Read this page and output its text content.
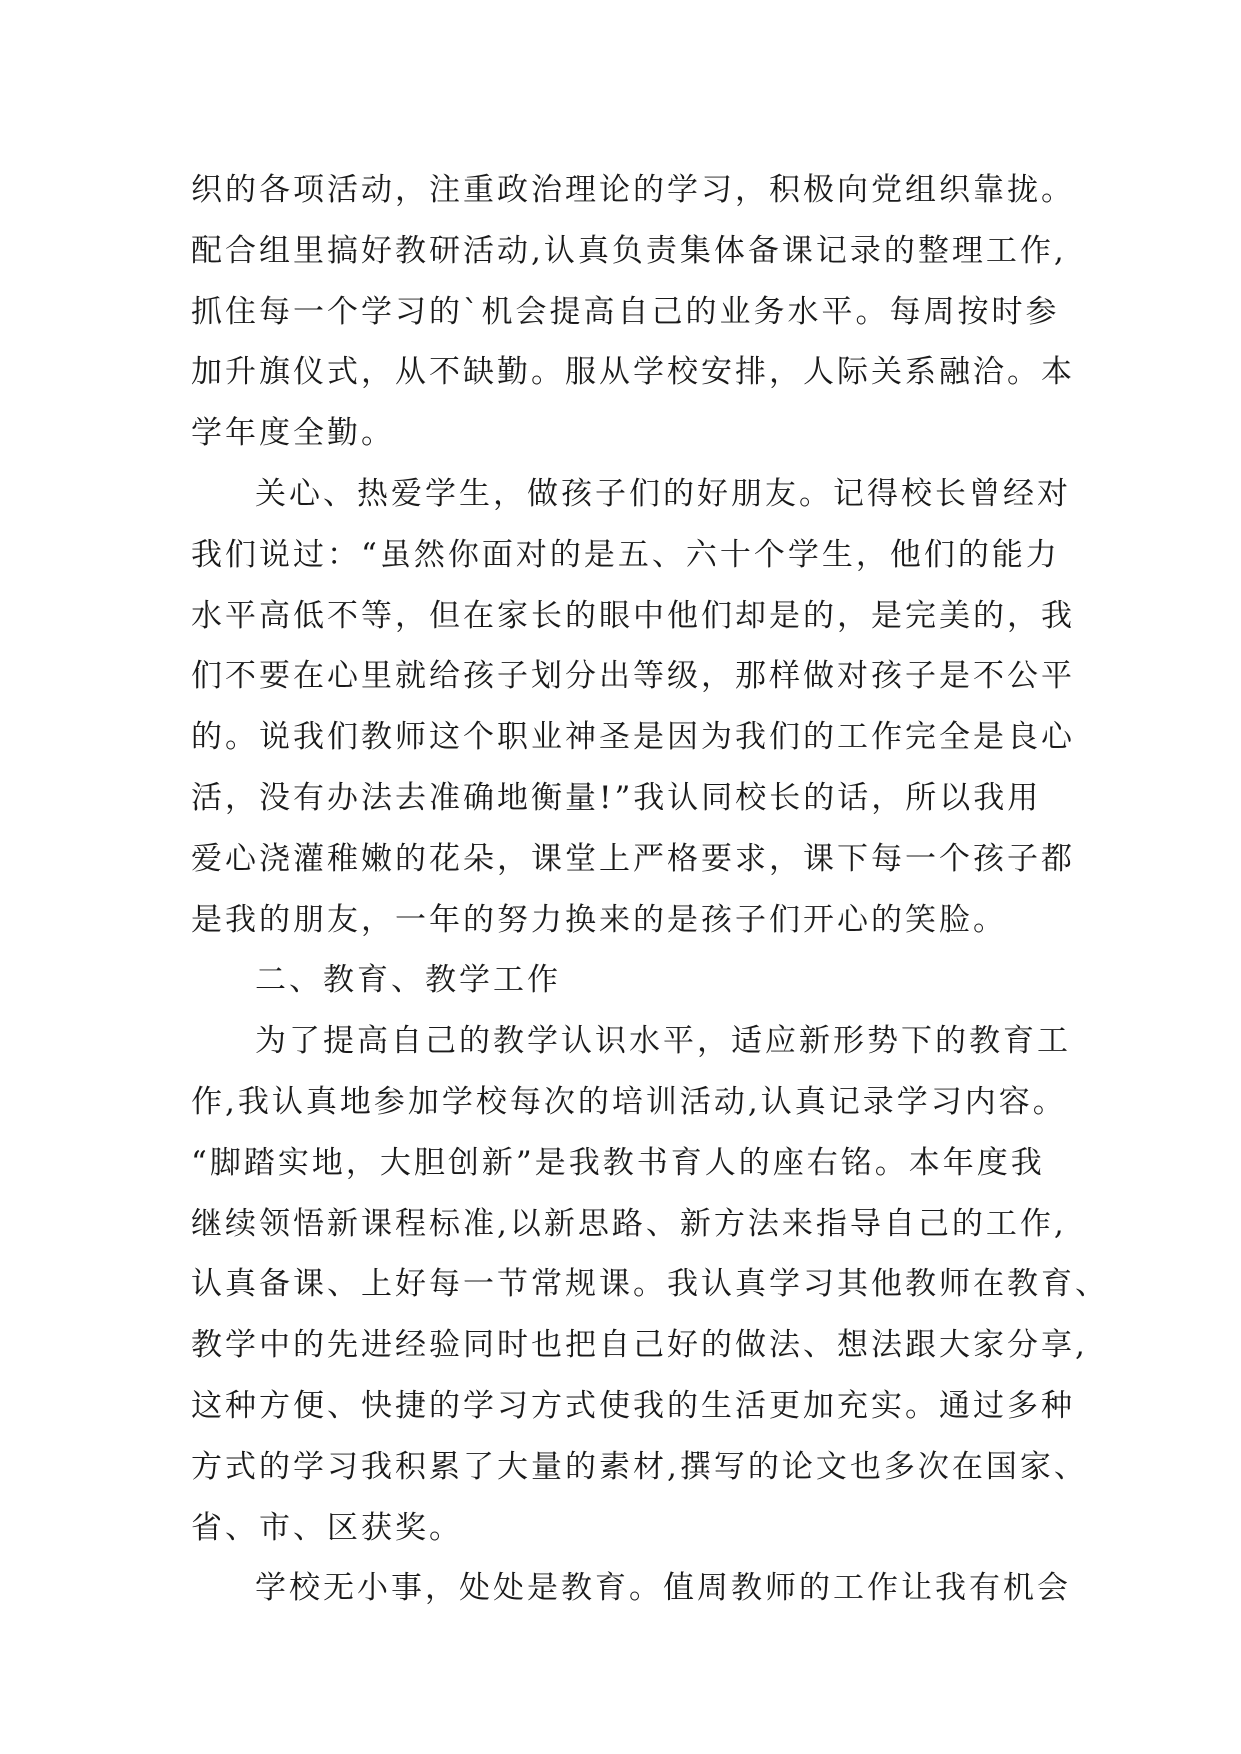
织的各项活动，注重政治理论的学习，积极向党组织靠拢。
配合组里搞好教研活动,认真负责集体备课记录的整理工作,
抓住每一个学习的`机会提高自己的业务水平。每周按时参
加升旗仪式，从不缺勤。服从学校安排，人际关系融洽。本
学年度全勤。
关心、热爱学生，做孩子们的好朋友。记得校长曾经对
我们说过：“虽然你面对的是五、六十个学生，他们的能力
水平高低不等，但在家长的眼中他们却是的，是完美的，我
们不要在心里就给孩子划分出等级，那样做对孩子是不公平
的。说我们教师这个职业神圣是因为我们的工作完全是良心
活，没有办法去准确地衡量!”我认同校长的话，所以我用
爱心浇灌稚嫩的花朵，课堂上严格要求，课下每一个孩子都
是我的朋友，一年的努力换来的是孩子们开心的笑脸。
二、教育、教学工作
为了提高自己的教学认识水平，适应新形势下的教育工
作,我认真地参加学校每次的培训活动,认真记录学习内容。
“脚踏实地，大胆创新”是我教书育人的座右铭。本年度我
继续领悟新课程标准,以新思路、新方法来指导自己的工作,
认真备课、上好每一节常规课。我认真学习其他教师在教育、
教学中的先进经验同时也把自己好的做法、想法跟大家分享,
这种方便、快捷的学习方式使我的生活更加充实。通过多种
方式的学习我积累了大量的素材,撰写的论文也多次在国家、
省、市、区获奖。
学校无小事，处处是教育。值周教师的工作让我有机会
